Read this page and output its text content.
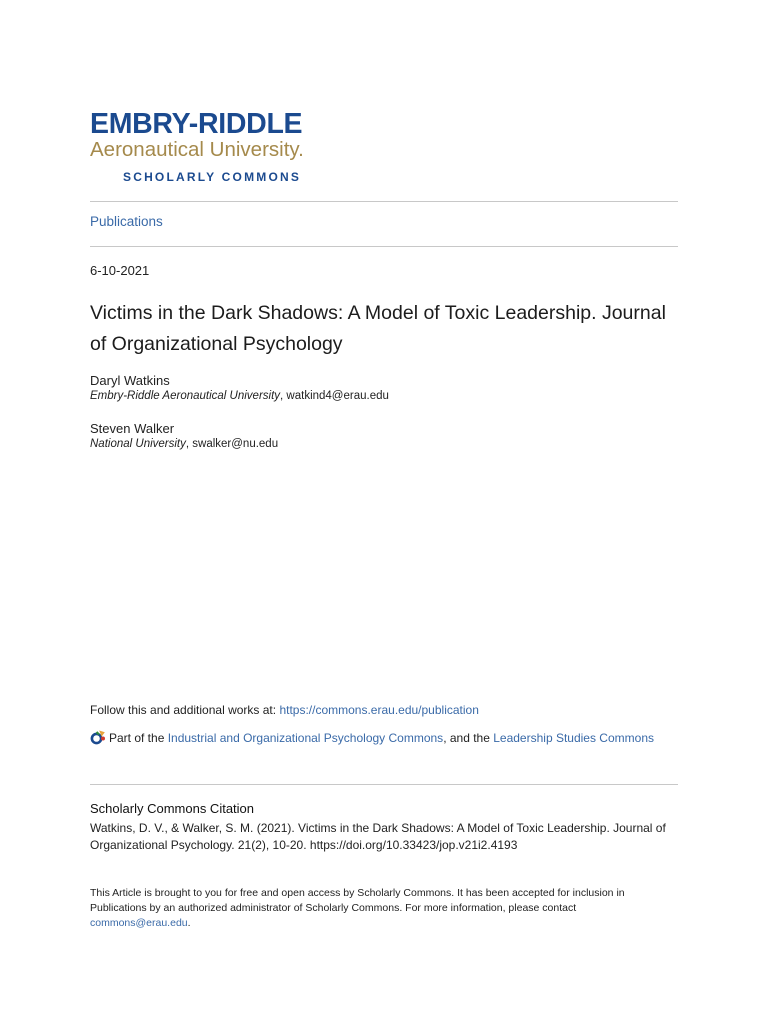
EMBRY-RIDDLE
Aeronautical University.
SCHOLARLY COMMONS
Publications
6-10-2021
Victims in the Dark Shadows: A Model of Toxic Leadership. Journal of Organizational Psychology
Daryl Watkins
Embry-Riddle Aeronautical University, watkind4@erau.edu
Steven Walker
National University, swalker@nu.edu
Follow this and additional works at: https://commons.erau.edu/publication
Part of the Industrial and Organizational Psychology Commons, and the Leadership Studies Commons
Scholarly Commons Citation
Watkins, D. V., & Walker, S. M. (2021). Victims in the Dark Shadows: A Model of Toxic Leadership. Journal of Organizational Psychology. 21(2), 10-20. https://doi.org/10.33423/jop.v21i2.4193
This Article is brought to you for free and open access by Scholarly Commons. It has been accepted for inclusion in Publications by an authorized administrator of Scholarly Commons. For more information, please contact commons@erau.edu.
